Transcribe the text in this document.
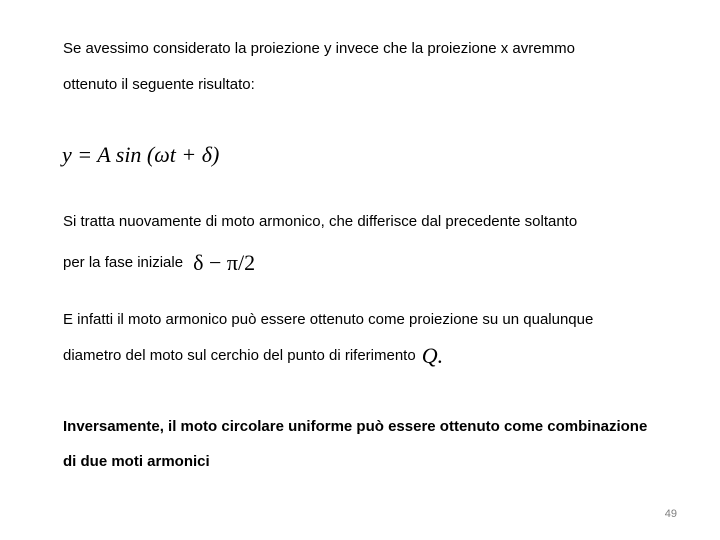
Se avessimo considerato la proiezione y invece che la proiezione x avremmo
ottenuto il seguente risultato:
y = A sin (ωt + δ)
Si tratta nuovamente di moto armonico, che differisce dal precedente soltanto
per la fase iniziale δ − π/2
E infatti il moto armonico può essere ottenuto come proiezione su un qualunque
diametro del moto sul cerchio del punto di riferimento Q.
Inversamente, il moto circolare uniforme può essere ottenuto come combinazione
di due moti armonici
49
